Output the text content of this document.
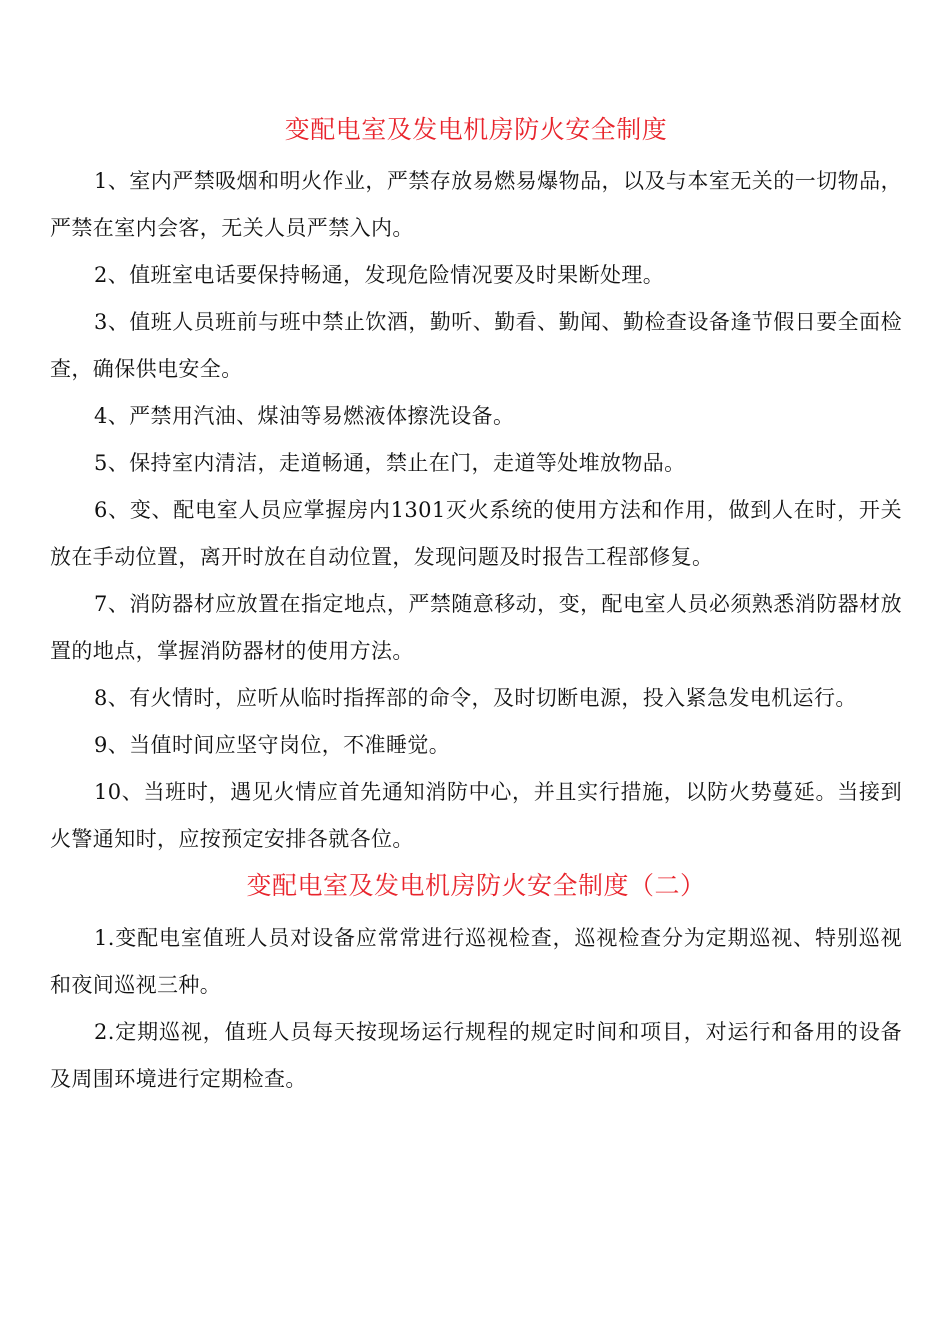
变配电室及发电机房防火安全制度

1、室内严禁吸烟和明火作业，严禁存放易燃易爆物品，以及与本室无关的一切物品，严禁在室内会客，无关人员严禁入内。

2、值班室电话要保持畅通，发现危险情况要及时果断处理。

3、值班人员班前与班中禁止饮酒，勤听、勤看、勤闻、勤检查设备逢节假日要全面检查，确保供电安全。

4、严禁用汽油、煤油等易燃液体擦洗设备。

5、保持室内清洁，走道畅通，禁止在门，走道等处堆放物品。

6、变、配电室人员应掌握房内1301灭火系统的使用方法和作用，做到人在时，开关放在手动位置，离开时放在自动位置，发现问题及时报告工程部修复。

7、消防器材应放置在指定地点，严禁随意移动，变，配电室人员必须熟悉消防器材放置的地点，掌握消防器材的使用方法。

8、有火情时，应听从临时指挥部的命令，及时切断电源，投入紧急发电机运行。

9、当值时间应坚守岗位，不准睡觉。

10、当班时，遇见火情应首先通知消防中心，并且实行措施，以防火势蔓延。当接到火警通知时，应按预定安排各就各位。

变配电室及发电机房防火安全制度（二）

1.变配电室值班人员对设备应常常进行巡视检查，巡视检查分为定期巡视、特别巡视和夜间巡视三种。

2.定期巡视，值班人员每天按现场运行规程的规定时间和项目，对运行和备用的设备及周围环境进行定期检查。
